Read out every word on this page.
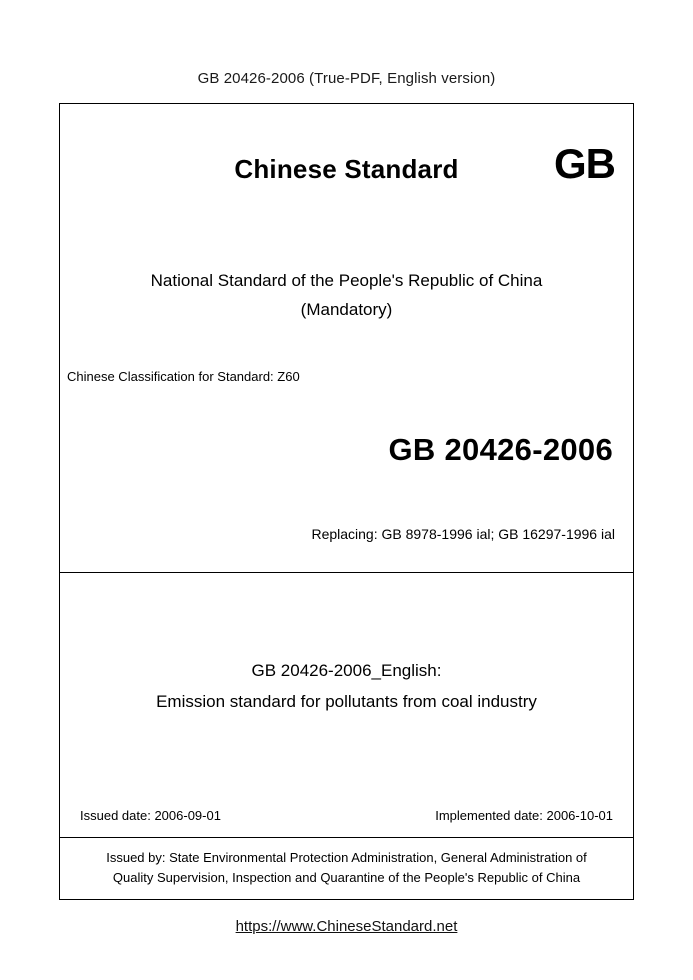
GB 20426-2006 (True-PDF, English version)
Chinese Standard	GB
National Standard of the People's Republic of China
(Mandatory)
Chinese Classification for Standard: Z60
GB 20426-2006
Replacing: GB 8978-1996 ial; GB 16297-1996 ial
GB 20426-2006_English:
Emission standard for pollutants from coal industry
Issued date: 2006-09-01	Implemented date: 2006-10-01
Issued by: State Environmental Protection Administration, General Administration of
Quality Supervision, Inspection and Quarantine of the People's Republic of China
https://www.ChineseStandard.net
